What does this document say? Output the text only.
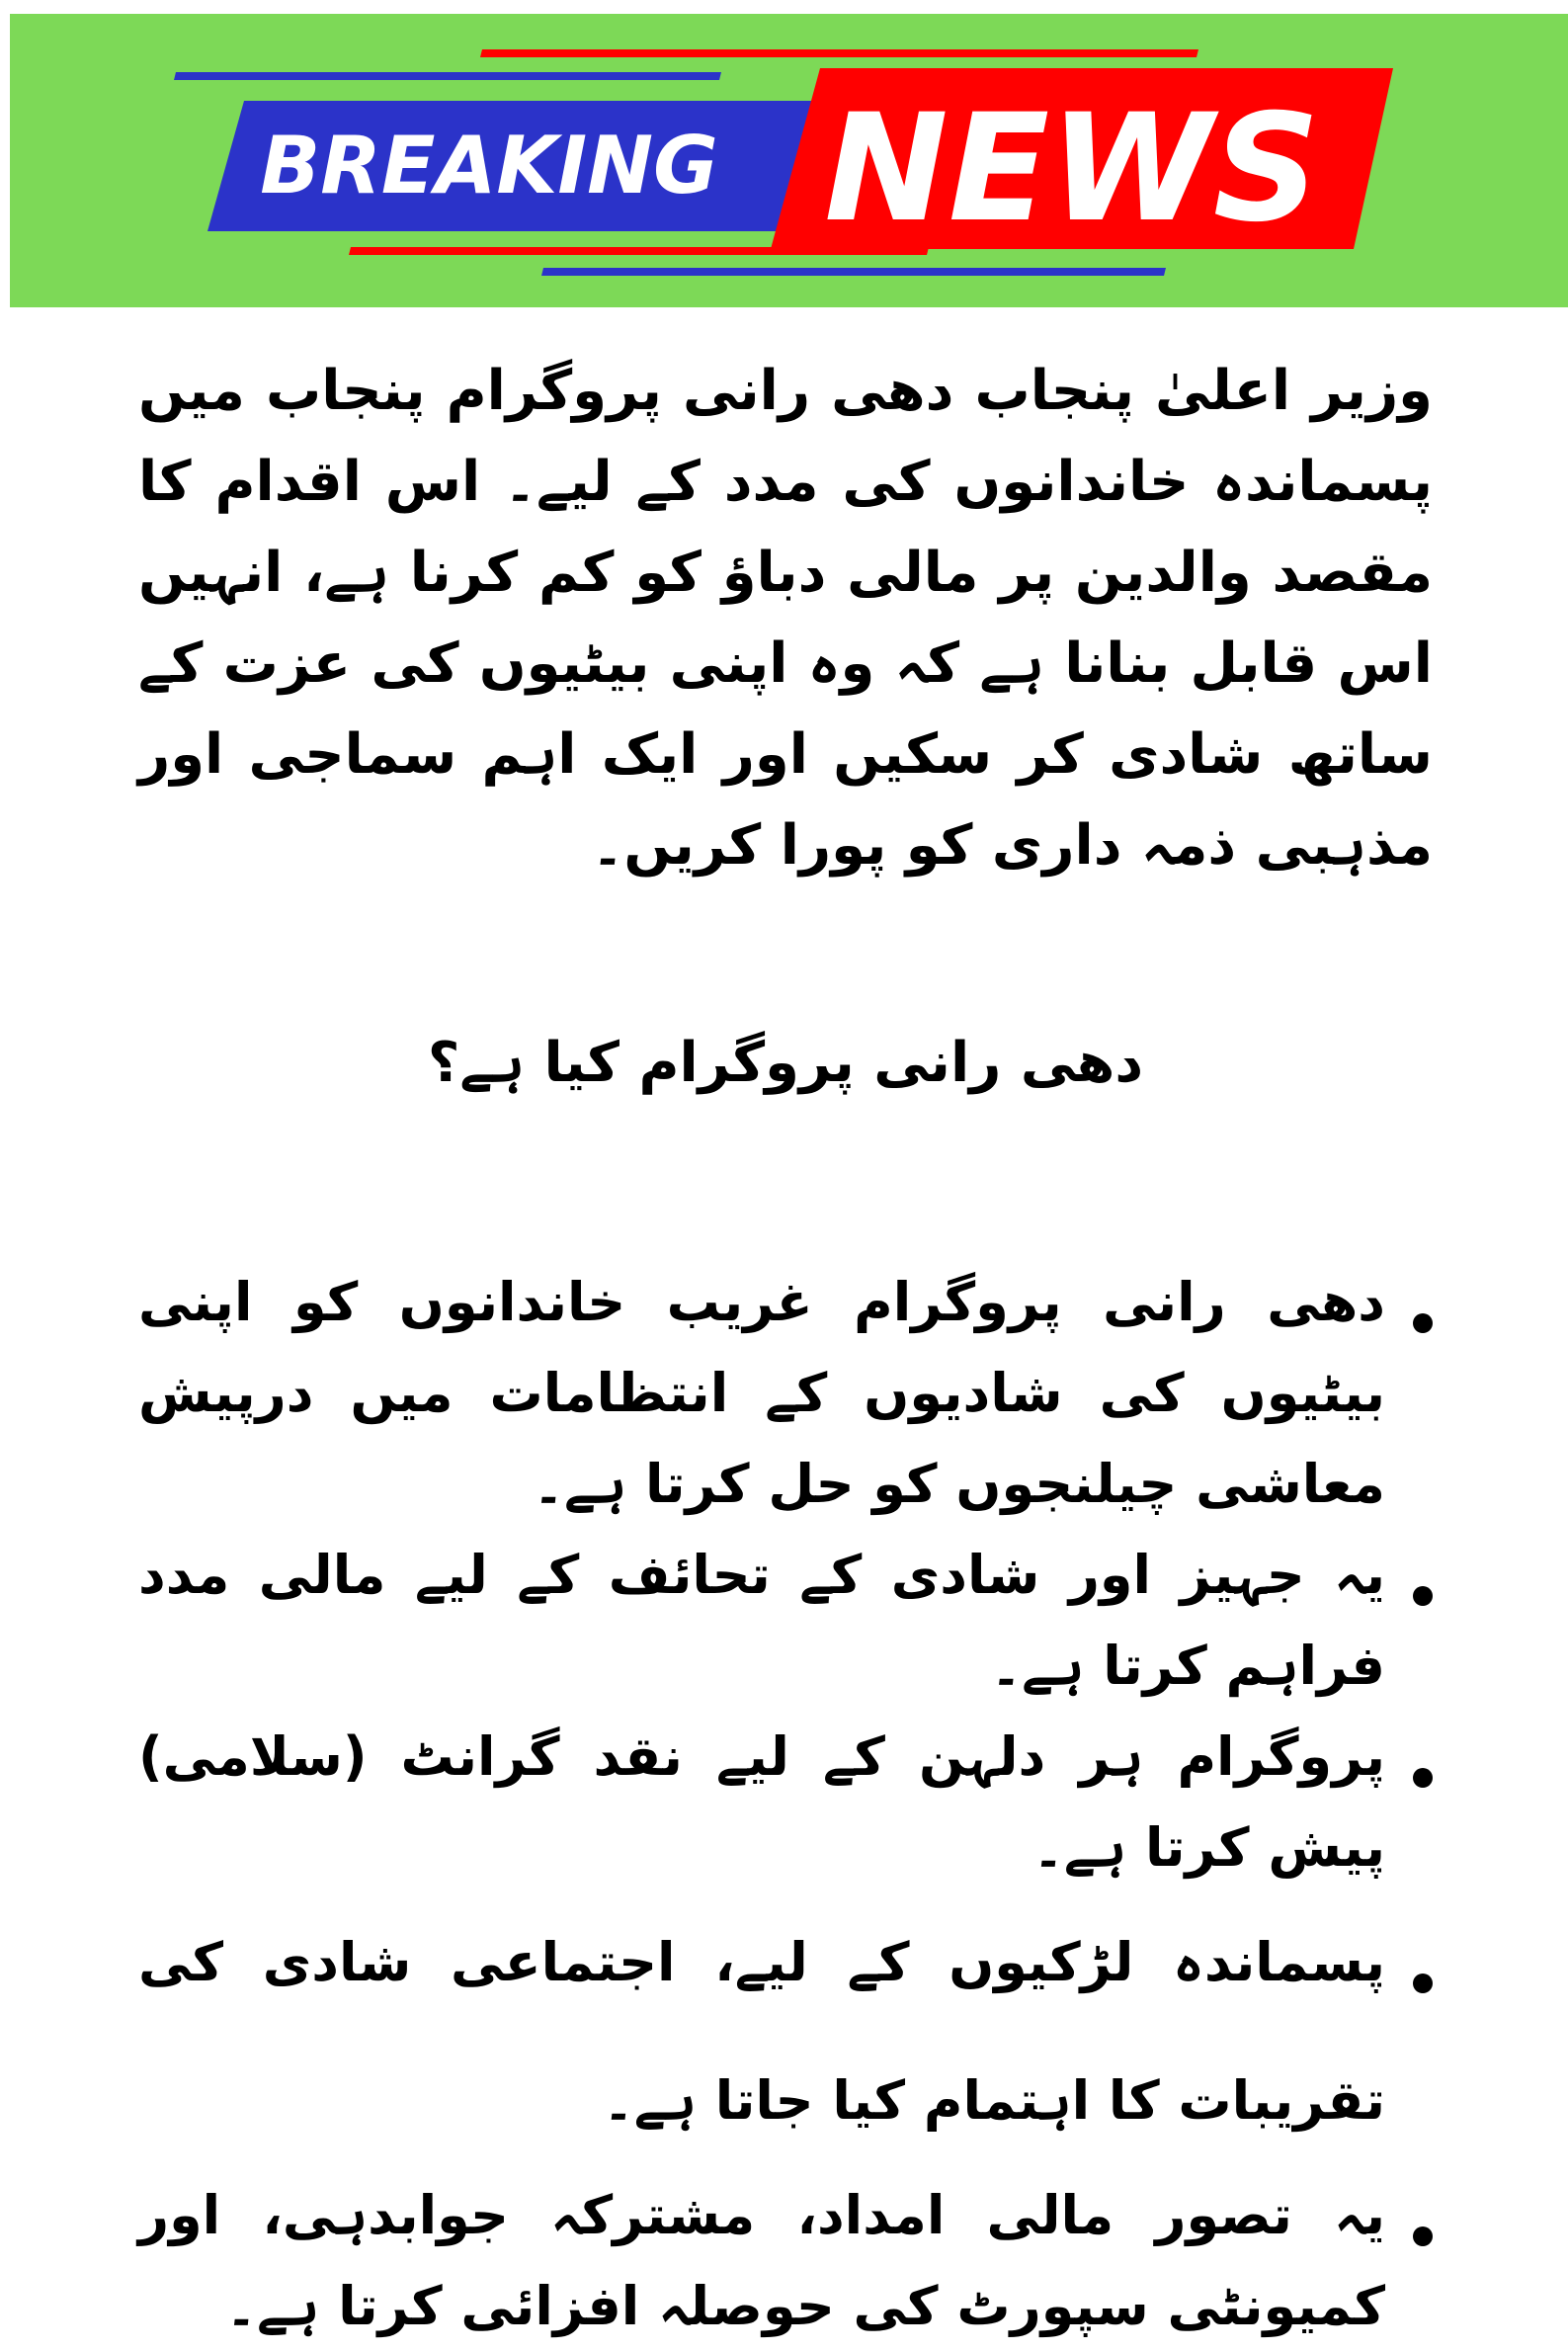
BREAKING NEWS

وزیر اعلیٰ پنجاب دھی رانی پروگرام پنجاب میں پسماندہ خاندانوں کی مدد کے لیے۔ اس اقدام کا مقصد والدین پر مالی دباؤ کو کم کرنا ہے، انہیں اس قابل بنانا ہے کہ وہ اپنی بیٹیوں کی عزت کے ساتھ شادی کر سکیں اور ایک اہم سماجی اور مذہبی ذمہ داری کو پورا کریں۔

دھی رانی پروگرام کیا ہے؟
دھی رانی پروگرام غریب خاندانوں کو اپنی بیٹیوں کی شادیوں کے انتظامات میں درپیش معاشی چیلنجوں کو حل کرتا ہے۔
یہ جہیز اور شادی کے تحائف کے لیے مالی مدد فراہم کرتا ہے۔
پروگرام ہر دلہن کے لیے نقد گرانٹ (سلامی) پیش کرتا ہے۔
پسماندہ لڑکیوں کے لیے، اجتماعی شادی کی تقریبات کا اہتمام کیا جاتا ہے۔
یہ تصور مالی امداد، مشترکہ جوابدہی، اور کمیونٹی سپورٹ کی حوصلہ افزائی کرتا ہے۔
